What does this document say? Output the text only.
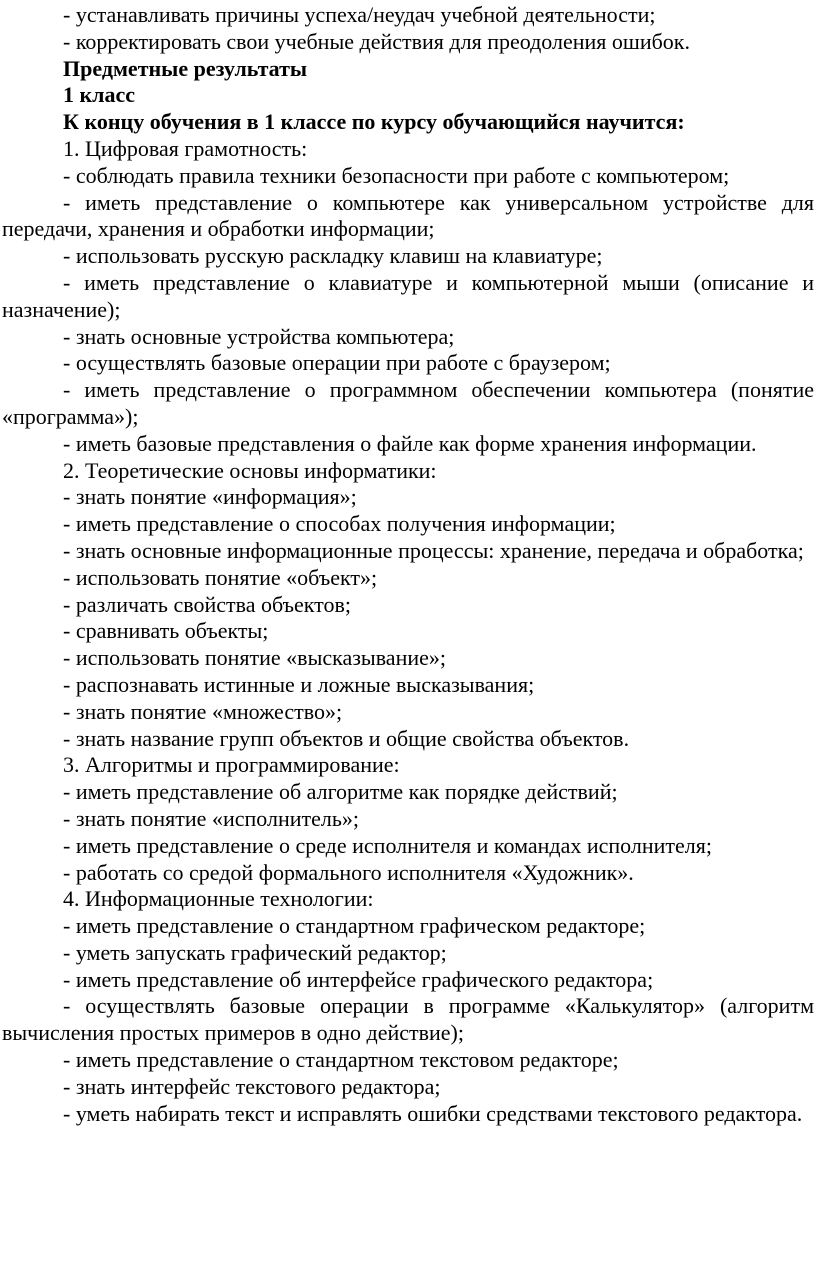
- устанавливать причины успеха/неудач учебной деятельности;

- корректировать свои учебные действия для преодоления ошибок.

Предметные результаты

1 класс

К концу обучения в 1 классе по курсу обучающийся научится:

1. Цифровая грамотность:

- соблюдать правила техники безопасности при работе с компьютером;

- иметь представление о компьютере как универсальном устройстве для передачи, хранения и обработки информации;

- использовать русскую раскладку клавиш на клавиатуре;

- иметь представление о клавиатуре и компьютерной мыши (описание и назначение);

- знать основные устройства компьютера;

- осуществлять базовые операции при работе с браузером;

- иметь представление о программном обеспечении компьютера (понятие «программа»);

- иметь базовые представления о файле как форме хранения информации.

2. Теоретические основы информатики:

- знать понятие «информация»;

- иметь представление о способах получения информации;

- знать основные информационные процессы: хранение, передача и обработка;

- использовать понятие «объект»;

- различать свойства объектов;

- сравнивать объекты;

- использовать понятие «высказывание»;

- распознавать истинные и ложные высказывания;

- знать понятие «множество»;

- знать название групп объектов и общие свойства объектов.

3. Алгоритмы и программирование:

- иметь представление об алгоритме как порядке действий;

- знать понятие «исполнитель»;

- иметь представление о среде исполнителя и командах исполнителя;

- работать со средой формального исполнителя «Художник».

4. Информационные технологии:

- иметь представление о стандартном графическом редакторе;

- уметь запускать графический редактор;

- иметь представление об интерфейсе графического редактора;

- осуществлять базовые операции в программе «Калькулятор» (алгоритм вычисления простых примеров в одно действие);

- иметь представление о стандартном текстовом редакторе;

- знать интерфейс текстового редактора;

- уметь набирать текст и исправлять ошибки средствами текстового редактора.
